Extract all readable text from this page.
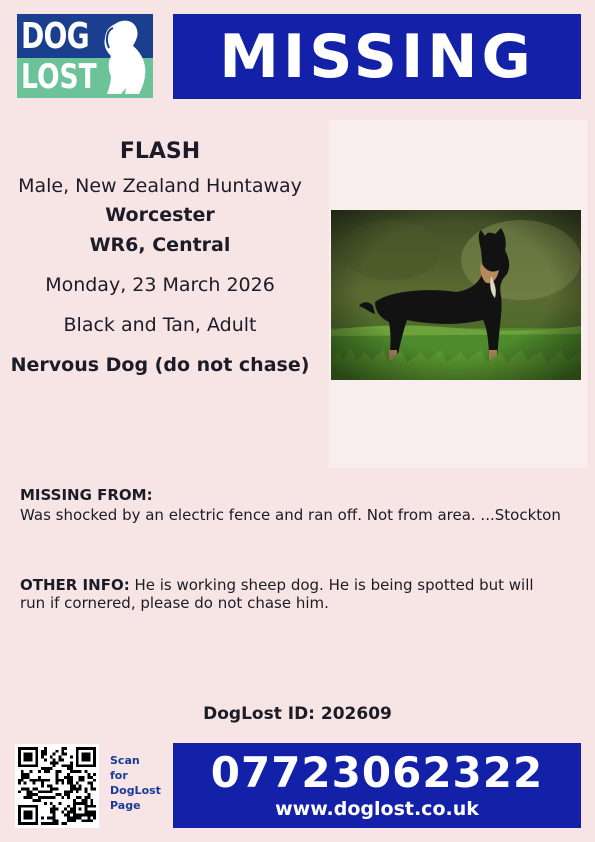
DOG
LOST MISSING
FLASH
Male, New Zealand Huntaway
Worcester
WR6, Central
Monday, 23 March 2026
Black and Tan, Adult
Nervous Dog (do not chase)
MISSING FROM:
Was shocked by an electric fence and ran off. Not from area. ...Stockton
OTHER INFO: He is working sheep dog. He is being spotted but will run if cornered, please do not chase him.
DogLost ID: 202609
Scan
for
DogLost
Page
07723062322
www.doglost.co.uk
